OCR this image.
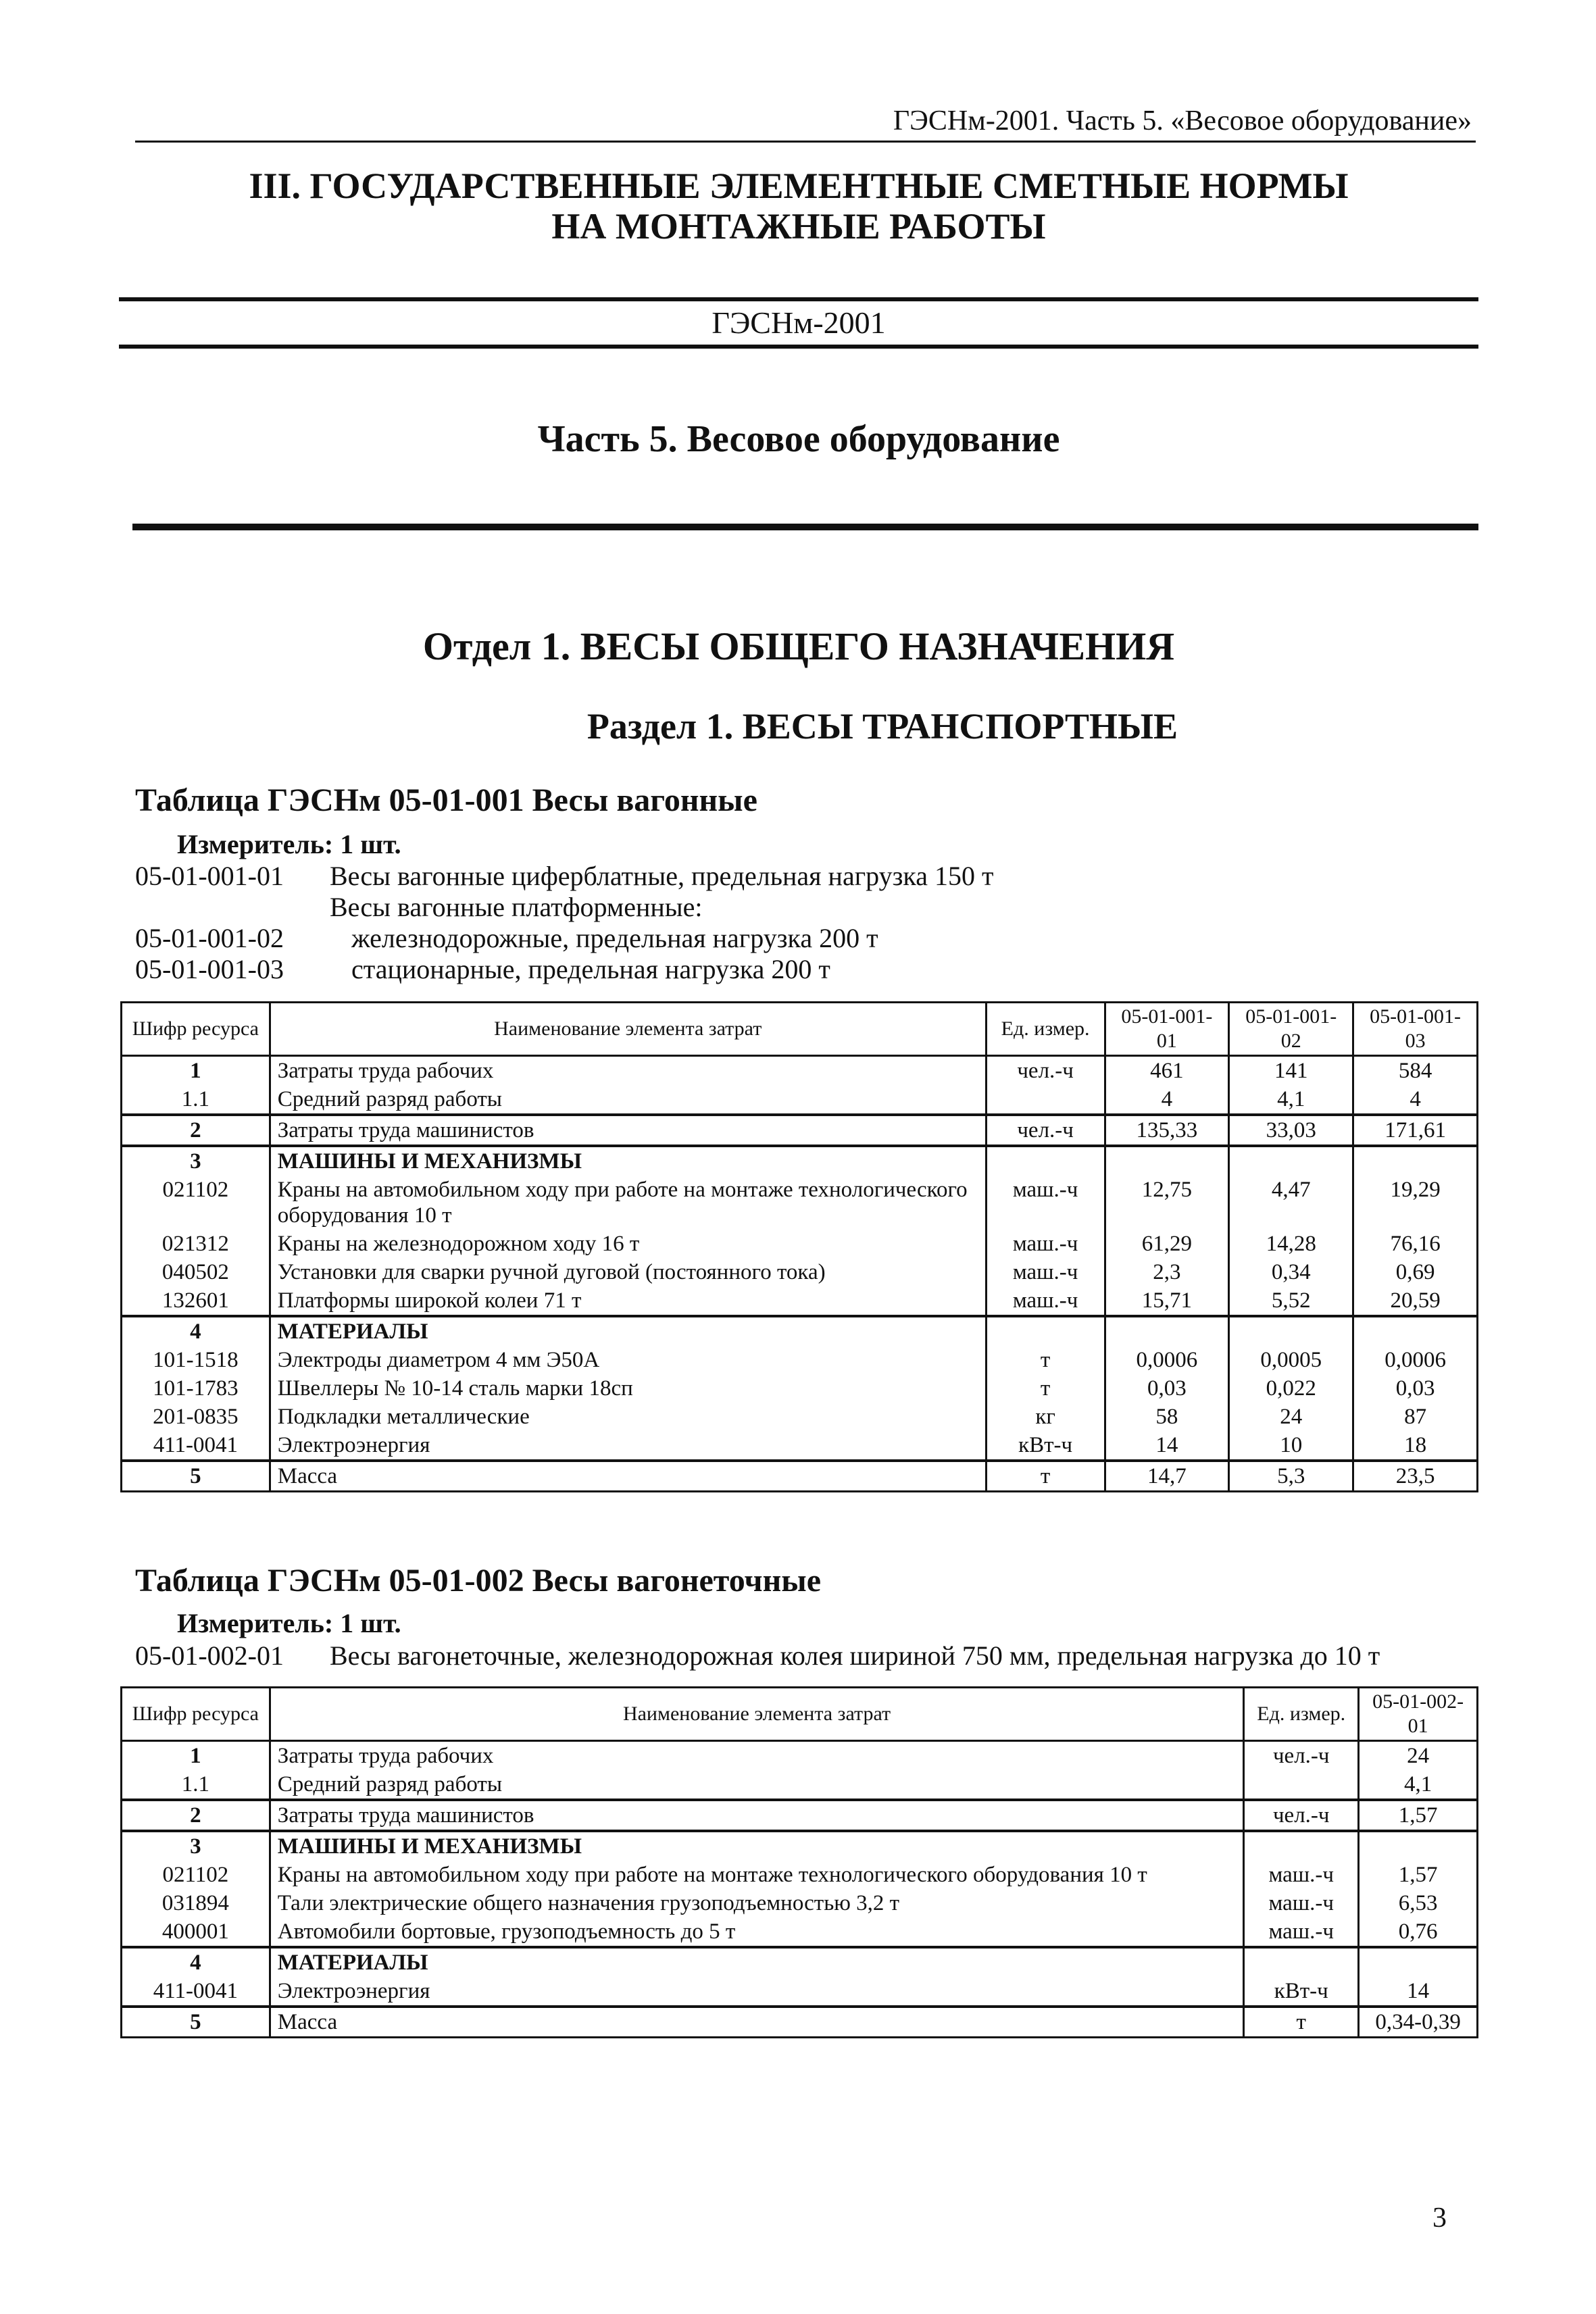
ГЭСНм-2001. Часть 5. «Весовое оборудование»
III. ГОСУДАРСТВЕННЫЕ ЭЛЕМЕНТНЫЕ СМЕТНЫЕ НОРМЫ
НА МОНТАЖНЫЕ РАБОТЫ
ГЭСНм-2001
Часть 5. Весовое оборудование
Отдел 1. ВЕСЫ ОБЩЕГО НАЗНАЧЕНИЯ
Раздел 1. ВЕСЫ ТРАНСПОРТНЫЕ
Таблица ГЭСНм 05-01-001 Весы вагонные
Измеритель: 1 шт.
05-01-001-01 Весы вагонные циферблатные, предельная нагрузка 150 т
Весы вагонные платформенные:
05-01-001-02	железнодорожные, предельная нагрузка 200 т
05-01-001-03	стационарные, предельная нагрузка 200 т
Шифр ресурса	Наименование элемента затрат	Ед. измер.	05-01-001-01	05-01-001-02	05-01-001-03
1	Затраты труда рабочих	чел.-ч	461	141	584
1.1	Средний разряд работы		4	4,1	4
2	Затраты труда машинистов	чел.-ч	135,33	33,03	171,61
3	МАШИНЫ И МЕХАНИЗМЫ				
021102	Краны на автомобильном ходу при работе на монтаже технологического оборудования 10 т	маш.-ч	12,75	4,47	19,29
021312	Краны на железнодорожном ходу 16 т	маш.-ч	61,29	14,28	76,16
040502	Установки для сварки ручной дуговой (постоянного тока)	маш.-ч	2,3	0,34	0,69
132601	Платформы широкой колеи 71 т	маш.-ч	15,71	5,52	20,59
4	МАТЕРИАЛЫ				
101-1518	Электроды диаметром 4 мм Э50А	т	0,0006	0,0005	0,0006
101-1783	Швеллеры № 10-14 сталь марки 18сп	т	0,03	0,022	0,03
201-0835	Подкладки металлические	кг	58	24	87
411-0041	Электроэнергия	кВт-ч	14	10	18
5	Масса	т	14,7	5,3	23,5
Таблица ГЭСНм 05-01-002 Весы вагонеточные
Измеритель: 1 шт.
05-01-002-01 Весы вагонеточные, железнодорожная колея шириной 750 мм, предельная нагрузка до 10 т
Шифр ресурса	Наименование элемента затрат	Ед. измер.	05-01-002-01
1	Затраты труда рабочих	чел.-ч	24
1.1	Средний разряд работы		4,1
2	Затраты труда машинистов	чел.-ч	1,57
3	МАШИНЫ И МЕХАНИЗМЫ		
021102	Краны на автомобильном ходу при работе на монтаже технологического оборудования 10 т	маш.-ч	1,57
031894	Тали электрические общего назначения грузоподъемностью 3,2 т	маш.-ч	6,53
400001	Автомобили бортовые, грузоподъемность до 5 т	маш.-ч	0,76
4	МАТЕРИАЛЫ		
411-0041	Электроэнергия	кВт-ч	14
5	Масса	т	0,34-0,39
3
